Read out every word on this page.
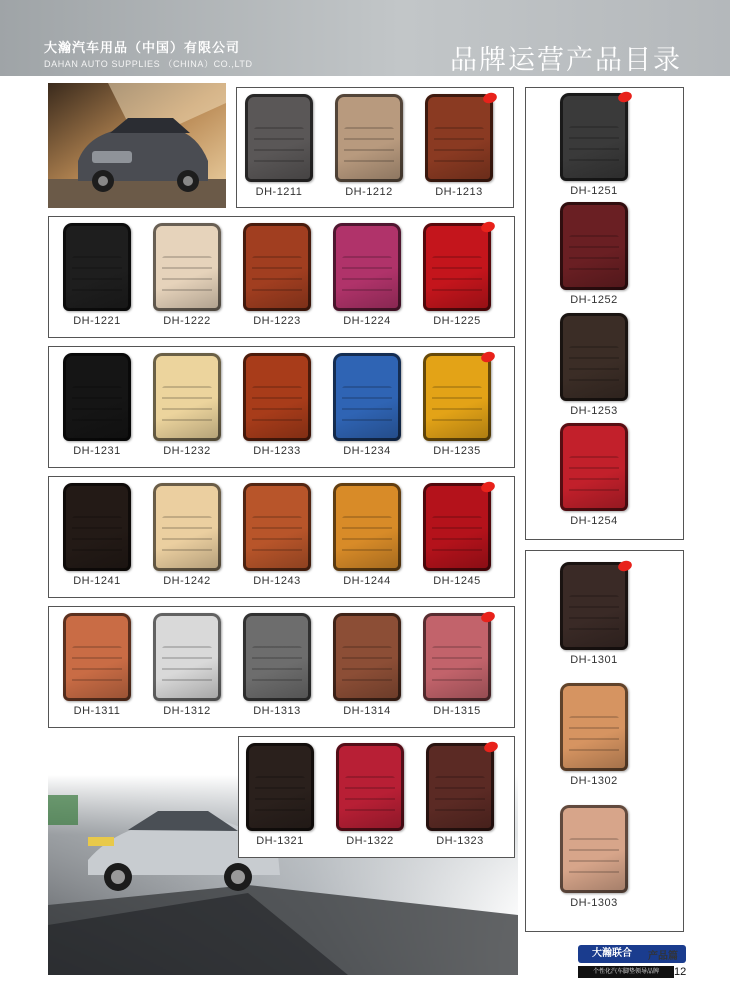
大瀚汽车用品（中国）有限公司
DAHAN AUTO SUPPLIES （CHINA）CO.,LTD	品牌运营产品目录
DH-1211	DH-1212	DH-1213
DH-1221	DH-1222	DH-1223	DH-1224	DH-1225
DH-1231	DH-1232	DH-1233	DH-1234	DH-1235
DH-1241	DH-1242	DH-1243	DH-1244	DH-1245
DH-1311	DH-1312	DH-1313	DH-1314	DH-1315
DH-1321	DH-1322	DH-1323
DH-1251
DH-1252
DH-1253
DH-1254
DH-1301
DH-1302
DH-1303
大瀚联合	产品篇
个性化汽车脚垫领导品牌	12
